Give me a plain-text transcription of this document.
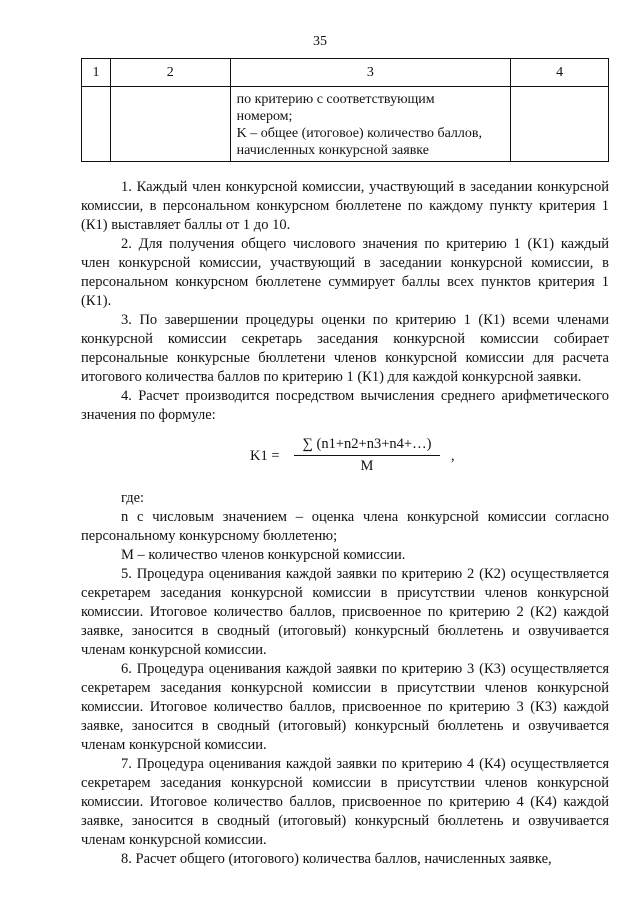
35
1	2	3	4

		по критерию с соответствующим
номером;
K – общее (итоговое) количество баллов,
начисленных конкурсной заявке	

1. Каждый член конкурсной комиссии, участвующий в заседании конкурсной комиссии, в персональном конкурсном бюллетене по каждому пункту критерия 1 (К1) выставляет баллы от 1 до 10.

2. Для получения общего числового значения по критерию 1 (К1) каждый член конкурсной комиссии, участвующий в заседании конкурсной комиссии, в персональном конкурсном бюллетене суммирует баллы всех пунктов критерия 1 (К1).

3. По завершении процедуры оценки по критерию 1 (К1) всеми членами конкурсной комиссии секретарь заседания конкурсной комиссии собирает персональные конкурсные бюллетени членов конкурсной комиссии для расчета итогового количества баллов по критерию 1 (К1) для каждой конкурсной заявки.

4. Расчет производится посредством вычисления среднего арифметического значения по формуле:

$K1 = \frac{\sum (n1+n2+n3+n4+\dots)}{M}$ ,

где:

n с числовым значением – оценка члена конкурсной комиссии согласно персональному конкурсному бюллетеню;

М – количество членов конкурсной комиссии.

5. Процедура оценивания каждой заявки по критерию 2 (К2) осуществляется секретарем заседания конкурсной комиссии в присутствии членов конкурсной комиссии. Итоговое количество баллов, присвоенное по критерию 2 (К2) каждой заявке, заносится в сводный (итоговый) конкурсный бюллетень и озвучивается членам конкурсной комиссии.

6. Процедура оценивания каждой заявки по критерию 3 (К3) осуществляется секретарем заседания конкурсной комиссии в присутствии членов конкурсной комиссии. Итоговое количество баллов, присвоенное по критерию 3 (К3) каждой заявке, заносится в сводный (итоговый) конкурсный бюллетень и озвучивается членам конкурсной комиссии.

7. Процедура оценивания каждой заявки по критерию 4 (К4) осуществляется секретарем заседания конкурсной комиссии в присутствии членов конкурсной комиссии. Итоговое количество баллов, присвоенное по критерию 4 (К4) каждой заявке, заносится в сводный (итоговый) конкурсный бюллетень и озвучивается членам конкурсной комиссии.

8. Расчет общего (итогового) количества баллов, начисленных заявке,
